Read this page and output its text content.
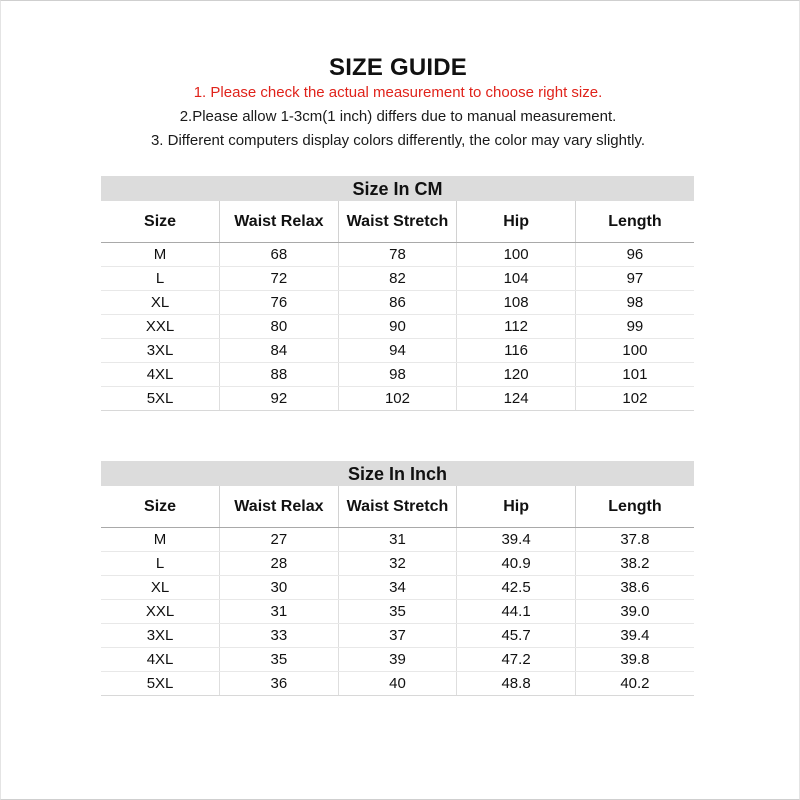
SIZE GUIDE
1. Please check the actual measurement to choose right size.
2.Please allow 1-3cm(1 inch) differs due to manual measurement.
3. Different computers display colors differently, the color may vary slightly.
Size In CM
Size	Waist Relax	Waist Stretch	Hip	Length
M	68	78	100	96
L	72	82	104	97
XL	76	86	108	98
XXL	80	90	112	99
3XL	84	94	116	100
4XL	88	98	120	101
5XL	92	102	124	102
Size In Inch
Size	Waist Relax	Waist Stretch	Hip	Length
M	27	31	39.4	37.8
L	28	32	40.9	38.2
XL	30	34	42.5	38.6
XXL	31	35	44.1	39.0
3XL	33	37	45.7	39.4
4XL	35	39	47.2	39.8
5XL	36	40	48.8	40.2
